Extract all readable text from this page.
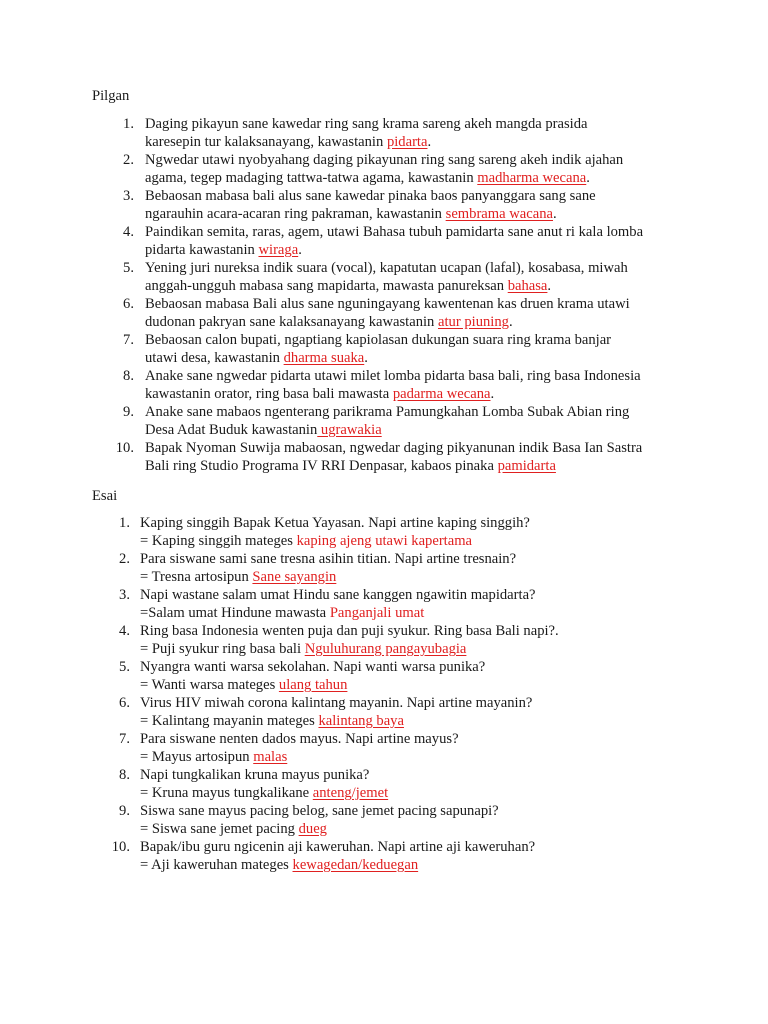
Pilgan
1. Daging pikayun sane kawedar ring sang krama sareng akeh mangda prasida
karesepin tur kalaksanayang, kawastanin pidarta.
2. Ngwedar utawi nyobyahang daging pikayunan ring sang sareng akeh indik ajahan
agama, tegep madaging tattwa-tatwa agama, kawastanin madharma wecana.
3. Bebaosan mabasa bali alus sane kawedar pinaka baos panyanggara sang sane
ngarauhin acara-acaran ring pakraman, kawastanin sembrama wacana.
4. Paindikan semita, raras, agem, utawi Bahasa tubuh pamidarta sane anut ri kala lomba
pidarta kawastanin wiraga.
5. Yening juri nureksa indik suara (vocal), kapatutan ucapan (lafal), kosabasa, miwah
anggah-ungguh mabasa sang mapidarta, mawasta panureksan bahasa.
6. Bebaosan mabasa Bali alus sane nguningayang kawentenan kas druen krama utawi
dudonan pakryan sane kalaksanayang kawastanin atur piuning.
7. Bebaosan calon bupati, ngaptiang kapiolasan dukungan suara ring krama banjar
utawi desa, kawastanin dharma suaka.
8. Anake sane ngwedar pidarta utawi milet lomba pidarta basa bali, ring basa Indonesia
kawastanin orator, ring basa bali mawasta padarma wecana.
9. Anake sane mabaos ngenterang parikrama Pamungkahan Lomba Subak Abian ring
Desa Adat Buduk kawastanin ugrawakia
10. Bapak Nyoman Suwija mabaosan, ngwedar daging pikyanunan indik Basa Ian Sastra
Bali ring Studio Programa IV RRI Denpasar, kabaos pinaka pamidarta
Esai
1. Kaping singgih Bapak Ketua Yayasan. Napi artine kaping singgih?
= Kaping singgih mateges kaping ajeng utawi kapertama
2. Para siswane sami sane tresna asihin titian. Napi artine tresnain?
= Tresna artosipun Sane sayangin
3. Napi wastane salam umat Hindu sane kanggen ngawitin mapidarta?
=Salam umat Hindune mawasta Panganjali umat
4. Ring basa Indonesia wenten puja dan puji syukur. Ring basa Bali napi?.
= Puji syukur ring basa bali Nguluhurang pangayubagia
5. Nyangra wanti warsa sekolahan. Napi wanti warsa punika?
= Wanti warsa mateges ulang tahun
6. Virus HIV miwah corona kalintang mayanin. Napi artine mayanin?
= Kalintang mayanin mateges kalintang baya
7. Para siswane nenten dados mayus. Napi artine mayus?
= Mayus artosipun malas
8. Napi tungkalikan kruna mayus punika?
= Kruna mayus tungkalikane anteng/jemet
9. Siswa sane mayus pacing belog, sane jemet pacing sapunapi?
= Siswa sane jemet pacing dueg
10. Bapak/ibu guru ngicenin aji kaweruhan. Napi artine aji kaweruhan?
= Aji kaweruhan mateges kewagedan/keduegan
